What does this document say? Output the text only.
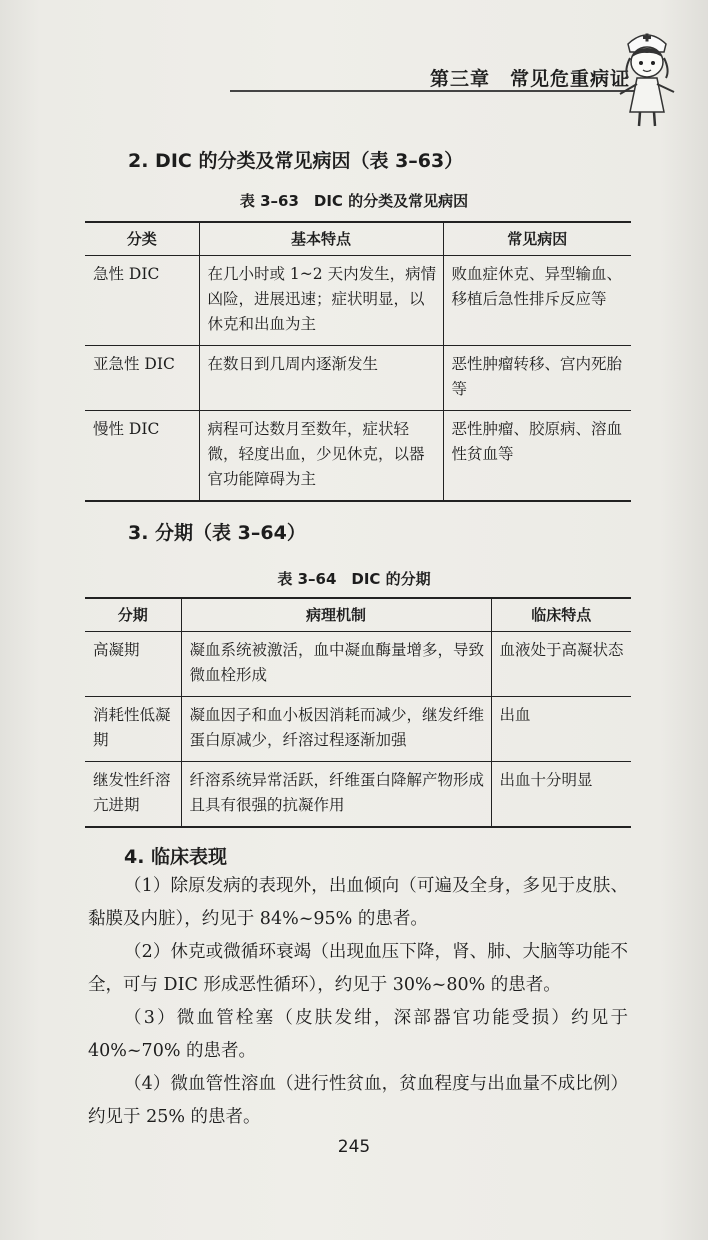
第三章　常见危重病证
2. DIC 的分类及常见病因（表 3–63）
表 3–63　DIC 的分类及常见病因
分类	基本特点	常见病因
急性 DIC	在几小时或 1~2 天内发生，病情凶险，进展迅速；症状明显，以休克和出血为主	败血症休克、异型输血、移植后急性排斥反应等
亚急性 DIC	在数日到几周内逐渐发生	恶性肿瘤转移、宫内死胎等
慢性 DIC	病程可达数月至数年，症状轻微，轻度出血，少见休克，以器官功能障碍为主	恶性肿瘤、胶原病、溶血性贫血等
3. 分期（表 3–64）
表 3–64　DIC 的分期
分期	病理机制	临床特点
高凝期	凝血系统被激活，血中凝血酶量增多，导致微血栓形成	血液处于高凝状态
消耗性低凝期	凝血因子和血小板因消耗而减少，继发纤维蛋白原减少，纤溶过程逐渐加强	出血
继发性纤溶亢进期	纤溶系统异常活跃，纤维蛋白降解产物形成且具有很强的抗凝作用	出血十分明显
4. 临床表现

（1）除原发病的表现外，出血倾向（可遍及全身，多见于皮肤、黏膜及内脏），约见于 84%~95% 的患者。

（2）休克或微循环衰竭（出现血压下降，肾、肺、大脑等功能不全，可与 DIC 形成恶性循环），约见于 30%~80% 的患者。

（3）微血管栓塞（皮肤发绀，深部器官功能受损）约见于 40%~70% 的患者。

（4）微血管性溶血（进行性贫血，贫血程度与出血量不成比例）约见于 25% 的患者。

245
